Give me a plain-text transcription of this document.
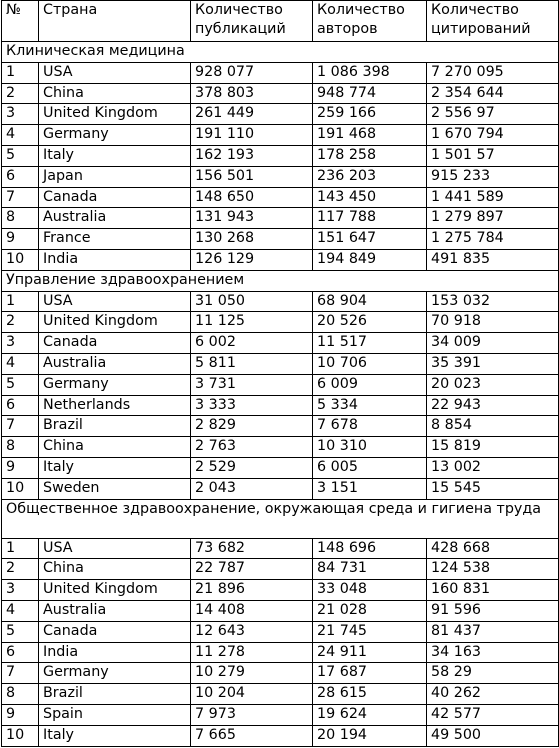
№	Страна	Количество публикаций	Количество авторов	Количество цитирований
Клиническая медицина				
1	USA	928 077	1 086 398	7 270 095
2	China	378 803	948 774	2 354 644
3	United Kingdom	261 449	259 166	2 556 97
4	Germany	191 110	191 468	1 670 794
5	Italy	162 193	178 258	1 501 57
6	Japan	156 501	236 203	915 233
7	Canada	148 650	143 450	1 441 589
8	Australia	131 943	117 788	1 279 897
9	France	130 268	151 647	1 275 784
10	India	126 129	194 849	491 835
Управление здравоохранением				
1	USA	31 050	68 904	153 032
2	United Kingdom	11 125	20 526	70 918
3	Canada	6 002	11 517	34 009
4	Australia	5 811	10 706	35 391
5	Germany	3 731	6 009	20 023
6	Netherlands	3 333	5 334	22 943
7	Brazil	2 829	7 678	8 854
8	China	2 763	10 310	15 819
9	Italy	2 529	6 005	13 002
10	Sweden	2 043	3 151	15 545
Общественное здравоохранение, окружающая среда и гигиена труда				
1	USA	73 682	148 696	428 668
2	China	22 787	84 731	124 538
3	United Kingdom	21 896	33 048	160 831
4	Australia	14 408	21 028	91 596
5	Canada	12 643	21 745	81 437
6	India	11 278	24 911	34 163
7	Germany	10 279	17 687	58 29
8	Brazil	10 204	28 615	40 262
9	Spain	7 973	19 624	42 577
10	Italy	7 665	20 194	49 500
